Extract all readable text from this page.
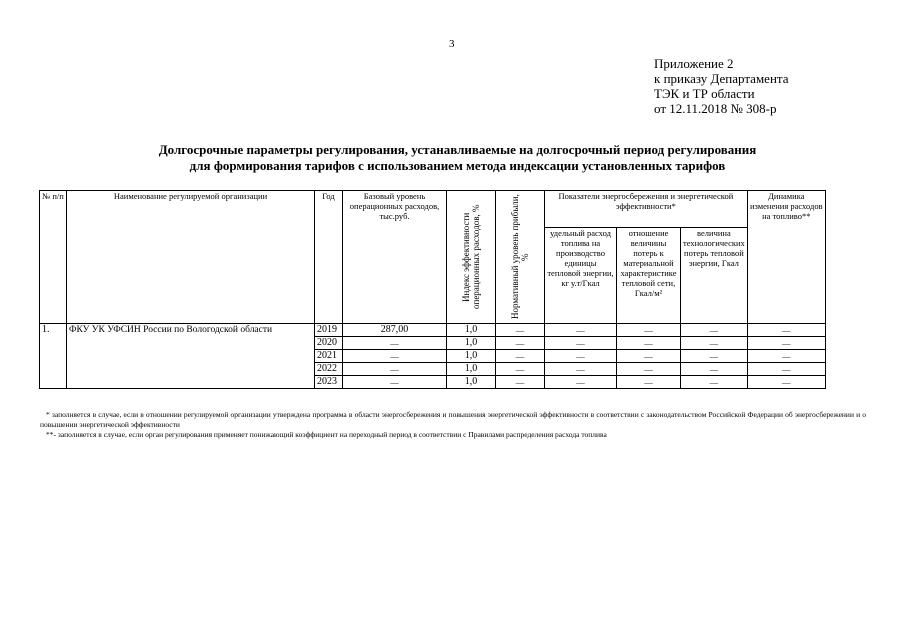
3
Приложение 2
к приказу Департамента
ТЭК и ТР области
от 12.11.2018 № 308-р
Долгосрочные параметры регулирования, устанавливаемые на долгосрочный период регулирования
для формирования тарифов с использованием метода индексации установленных тарифов
№ п/п	Наименование регулируемой организации	Год	Базовый уровень операционных расходов, тыс.руб.	Индекс эффективности операционных расходов, %	Нормативный уровень прибыли, %	Показатели энергосбережения и энергетической эффективности*			Динамика изменения расходов на топливо**
						удельный расход топлива на производство единицы тепловой энергии, кг у.т/Гкал	отношение величины потерь к материальной характеристике тепловой сети, Гкал/м²	величина технологических потерь тепловой энергии, Гкал	
1.	ФКУ УК УФСИН России по Вологодской области	2019	287,00	1,0	—	—	—	—	—
		2020	—	1,0	—	—	—	—	—
		2021	—	1,0	—	—	—	—	—
		2022	—	1,0	—	—	—	—	—
		2023	—	1,0	—	—	—	—	—
* заполняется в случае, если в отношении регулируемой организации утверждена программа в области энергосбережения и повышения энергетической эффективности в соответствии с законодательством Российской Федерации об энергосбережении и о повышении энергетической эффективности
**- заполняется в случае, если орган регулирования применяет понижающий коэффициент на переходный период в соответствии с Правилами распределения расхода топлива
